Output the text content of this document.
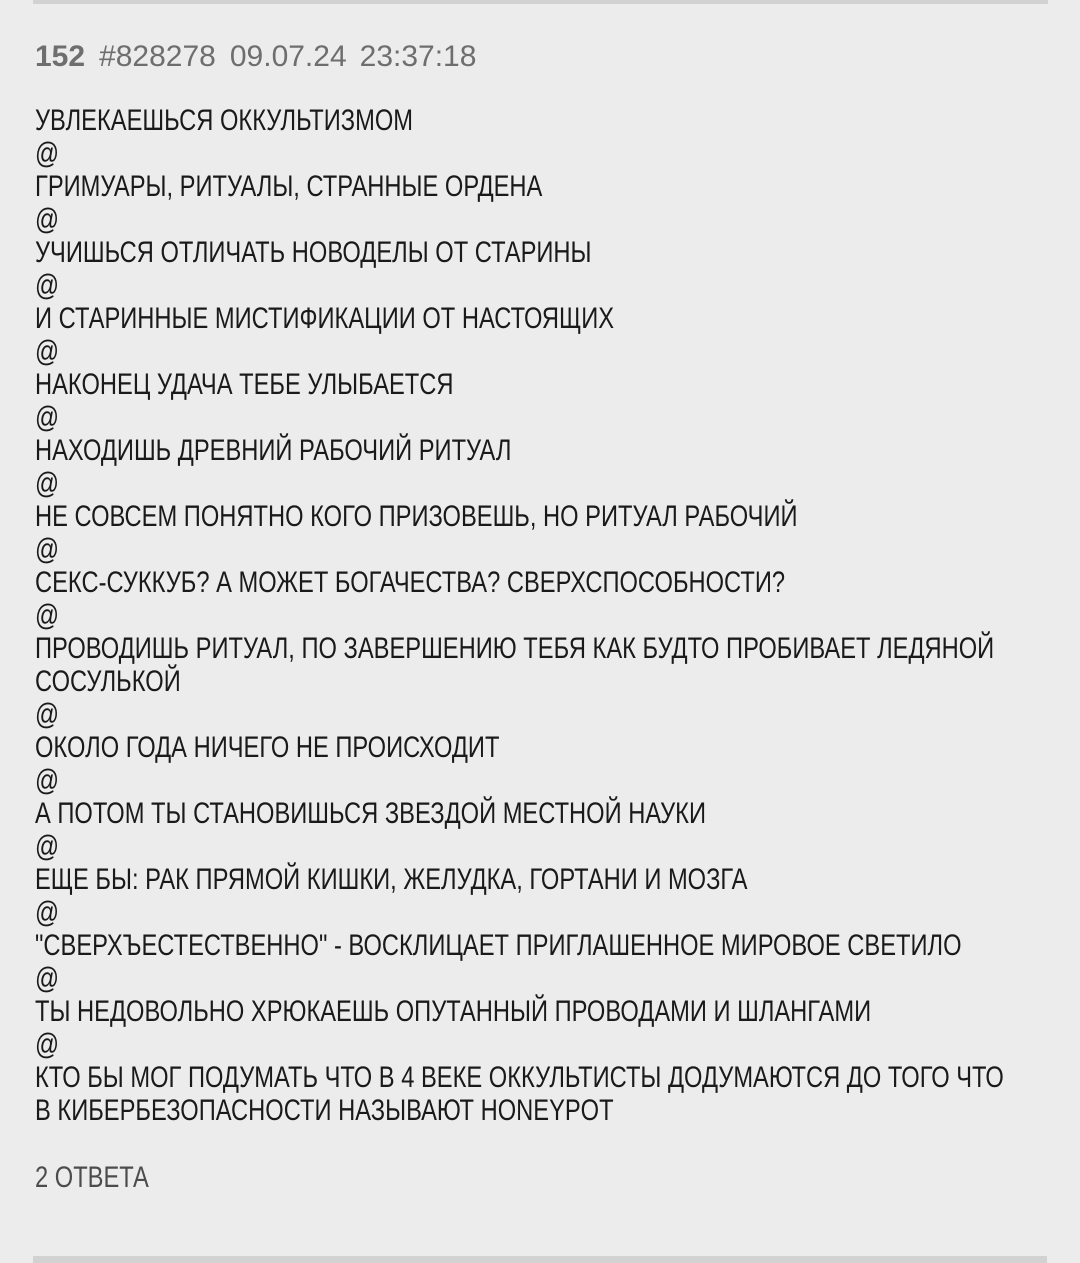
152 #828278 09.07.24 23:37:18
УВЛЕКАЕШЬСЯ ОККУЛЬТИЗМОМ
@
ГРИМУАРЫ, РИТУАЛЫ, СТРАННЫЕ ОРДЕНА
@
УЧИШЬСЯ ОТЛИЧАТЬ НОВОДЕЛЫ ОТ СТАРИНЫ
@
И СТАРИННЫЕ МИСТИФИКАЦИИ ОТ НАСТОЯЩИХ
@
НАКОНЕЦ УДАЧА ТЕБЕ УЛЫБАЕТСЯ
@
НАХОДИШЬ ДРЕВНИЙ РАБОЧИЙ РИТУАЛ
@
НЕ СОВСЕМ ПОНЯТНО КОГО ПРИЗОВЕШЬ, НО РИТУАЛ РАБОЧИЙ
@
СЕКС-СУККУБ? А МОЖЕТ БОГАЧЕСТВА? СВЕРХСПОСОБНОСТИ?
@
ПРОВОДИШЬ РИТУАЛ, ПО ЗАВЕРШЕНИЮ ТЕБЯ КАК БУДТО ПРОБИВАЕТ ЛЕДЯНОЙ СОСУЛЬКОЙ
@
ОКОЛО ГОДА НИЧЕГО НЕ ПРОИСХОДИТ
@
А ПОТОМ ТЫ СТАНОВИШЬСЯ ЗВЕЗДОЙ МЕСТНОЙ НАУКИ
@
ЕЩЕ БЫ: РАК ПРЯМОЙ КИШКИ, ЖЕЛУДКА, ГОРТАНИ И МОЗГА
@
"СВЕРХЪЕСТЕСТВЕННО" - ВОСКЛИЦАЕТ ПРИГЛАШЕННОЕ МИРОВОЕ СВЕТИЛО
@
ТЫ НЕДОВОЛЬНО ХРЮКАЕШЬ ОПУТАННЫЙ ПРОВОДАМИ И ШЛАНГАМИ
@
КТО БЫ МОГ ПОДУМАТЬ ЧТО В 4 ВЕКЕ ОККУЛЬТИСТЫ ДОДУМАЮТСЯ ДО ТОГО ЧТО В КИБЕРБЕЗОПАСНОСТИ НАЗЫВАЮТ HONEYPOT
2 ОТВЕТА
